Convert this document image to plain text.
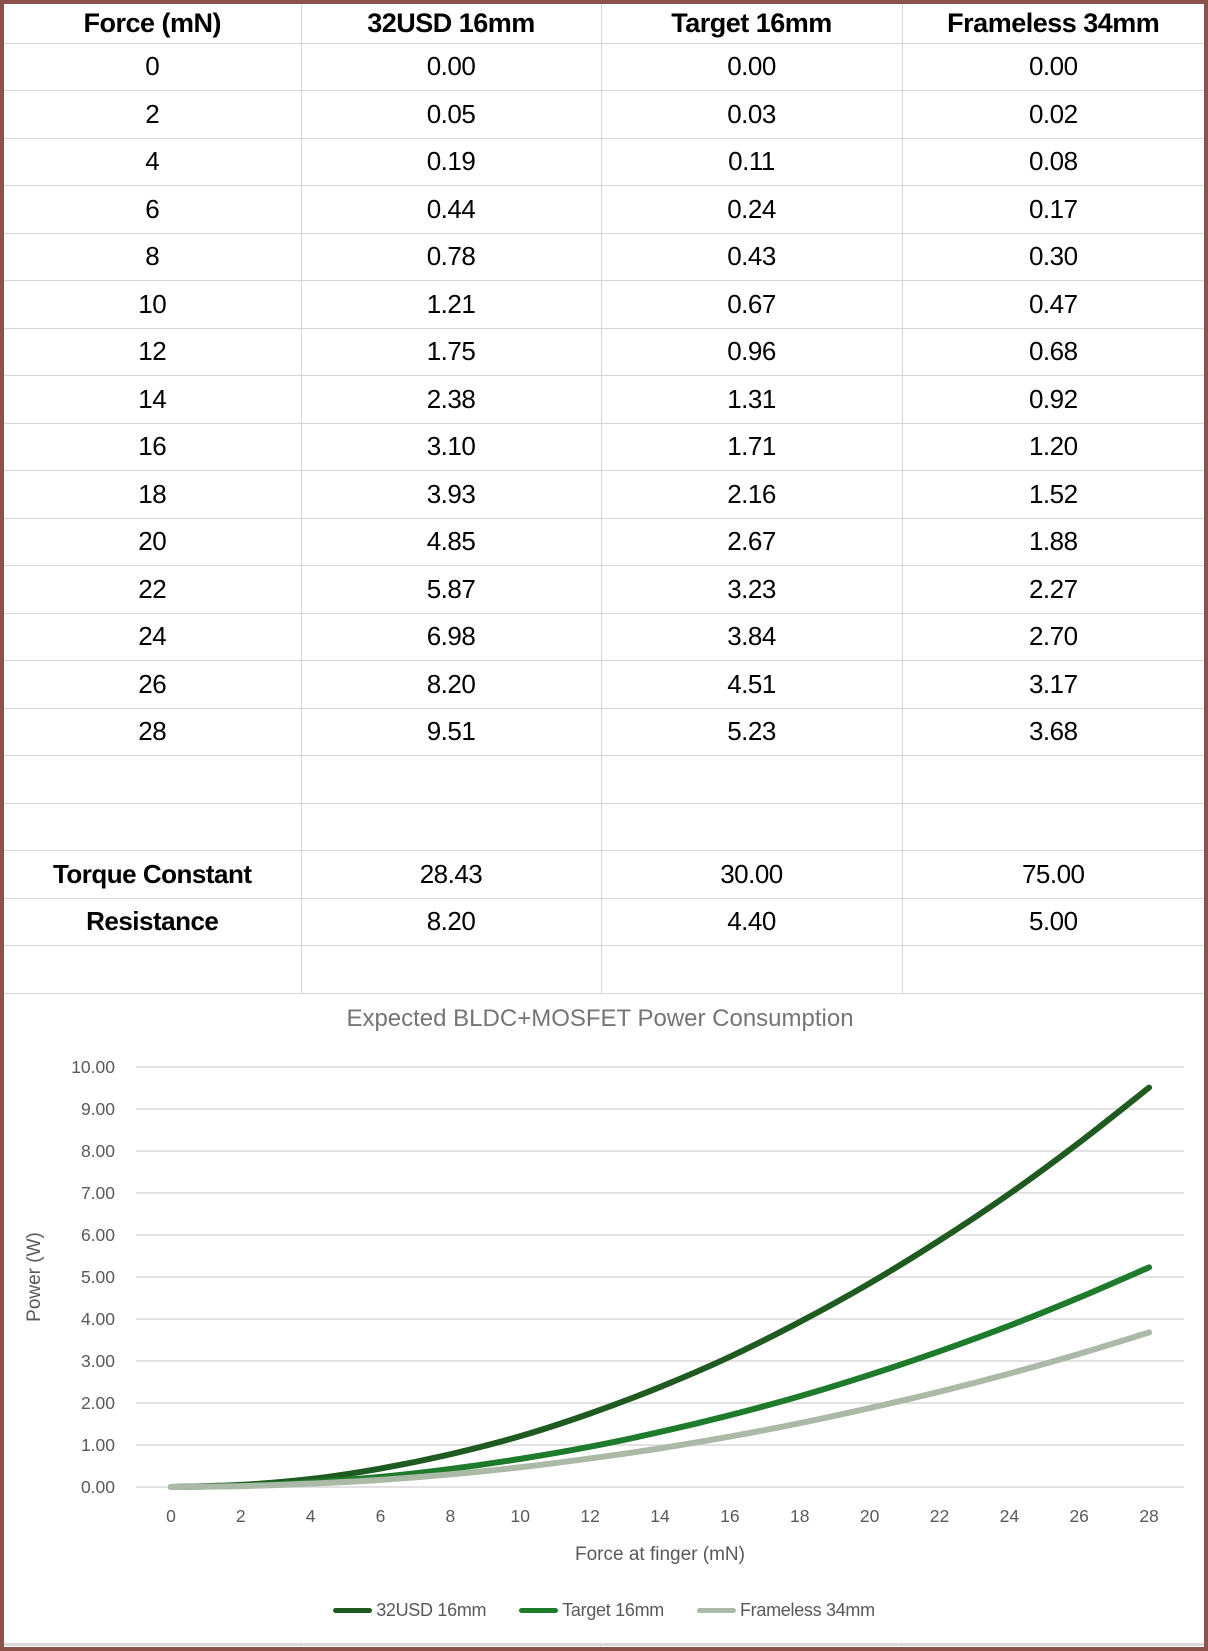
Force (mN)	32USD 16mm	Target 16mm	Frameless 34mm
0	0.00	0.00	0.00
2	0.05	0.03	0.02
4	0.19	0.11	0.08
6	0.44	0.24	0.17
8	0.78	0.43	0.30
10	1.21	0.67	0.47
12	1.75	0.96	0.68
14	2.38	1.31	0.92
16	3.10	1.71	1.20
18	3.93	2.16	1.52
20	4.85	2.67	1.88
22	5.87	3.23	2.27
24	6.98	3.84	2.70
26	8.20	4.51	3.17
28	9.51	5.23	3.68

Torque Constant	28.43	30.00	75.00
Resistance	8.20	4.40	5.00

0.00
1.00
2.00
3.00
4.00
5.00
6.00
7.00
8.00
9.00
10.00
0	2	4	6	8	10	12	14	16	18	20	22	24	26	28
Expected BLDC+MOSFET Power Consumption
Force at finger (mN)
Power (W)
32USD 16mm	Target 16mm	Frameless 34mm
